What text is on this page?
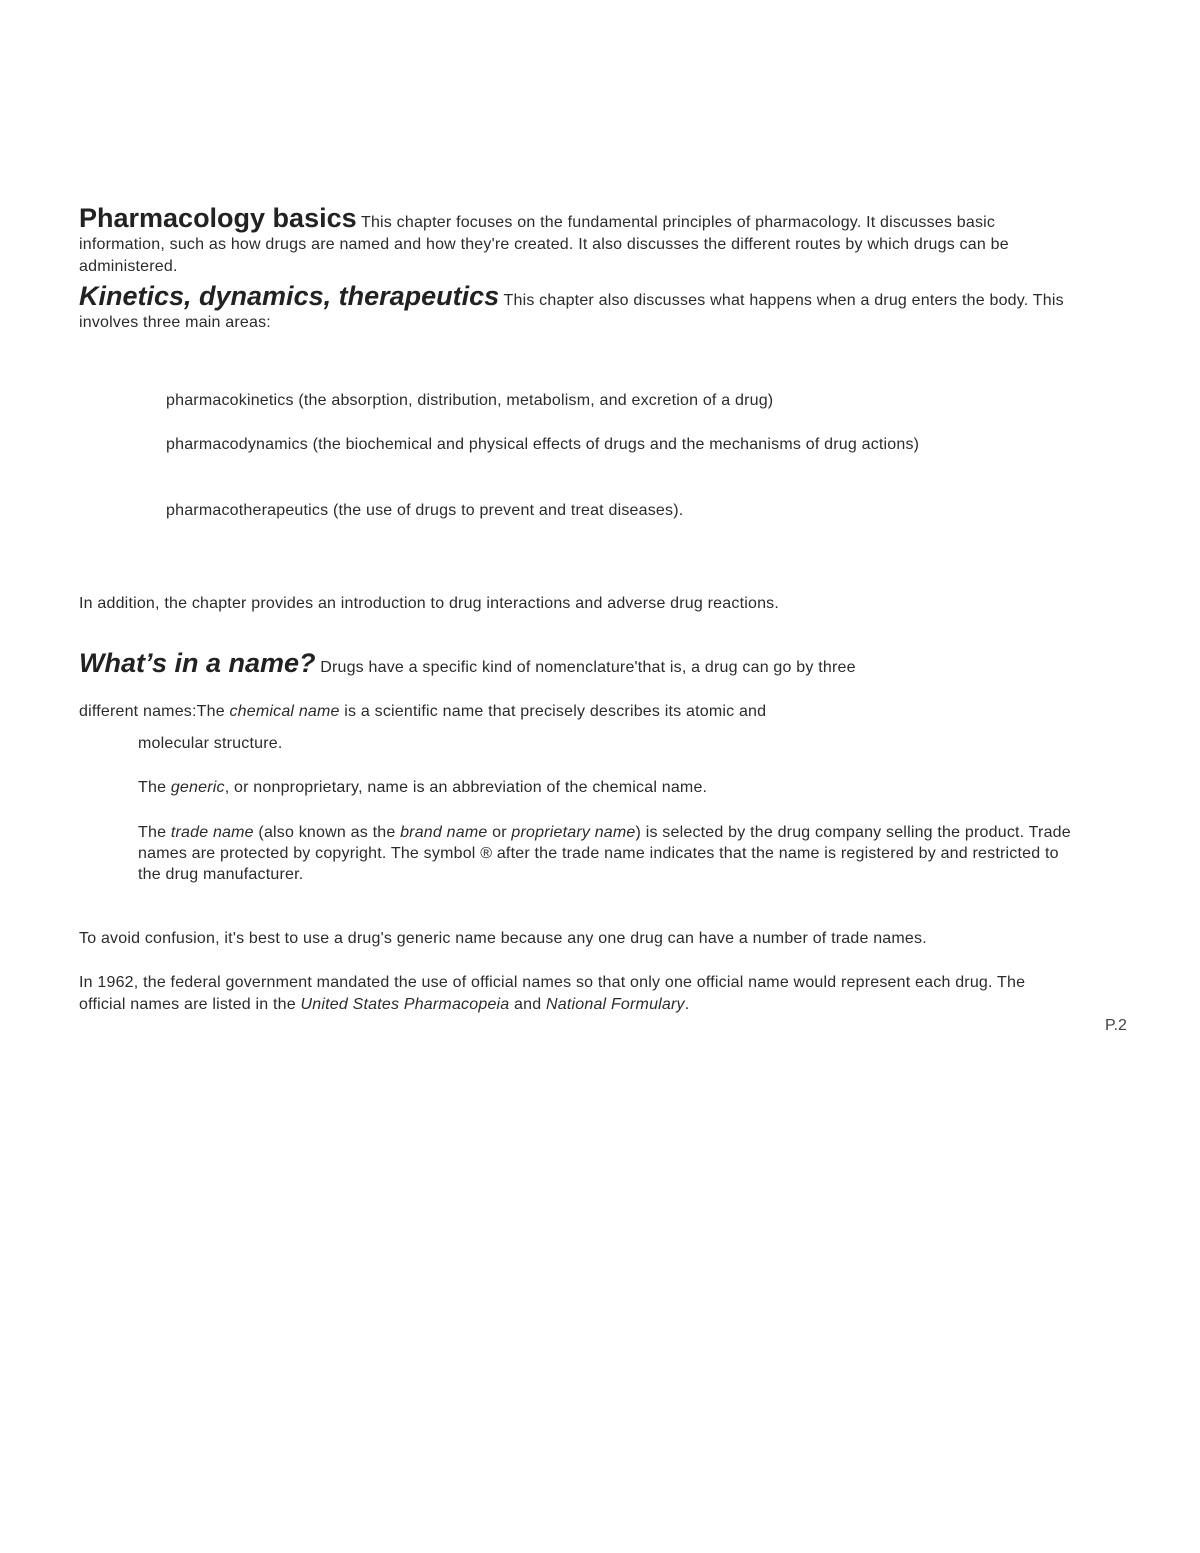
Pharmacology basics This chapter focuses on the fundamental principles of pharmacology. It discusses basic information, such as how drugs are named and how they're created. It also discusses the different routes by which drugs can be administered.
Kinetics, dynamics, therapeutics This chapter also discusses what happens when a drug enters the body. This involves three main areas:
pharmacokinetics (the absorption, distribution, metabolism, and excretion of a drug)
pharmacodynamics (the biochemical and physical effects of drugs and the mechanisms of drug actions)
pharmacotherapeutics (the use of drugs to prevent and treat diseases).
In addition, the chapter provides an introduction to drug interactions and adverse drug reactions.
What’s in a name? Drugs have a specific kind of nomenclature'that is, a drug can go by three
different names:The chemical name is a scientific name that precisely describes its atomic and
molecular structure.
The generic, or nonproprietary, name is an abbreviation of the chemical name.
The trade name (also known as the brand name or proprietary name) is selected by the drug company selling the product. Trade names are protected by copyright. The symbol ® after the trade name indicates that the name is registered by and restricted to the drug manufacturer.
To avoid confusion, it's best to use a drug's generic name because any one drug can have a number of trade names.
In 1962, the federal government mandated the use of official names so that only one official name would represent each drug. The official names are listed in the United States Pharmacopeia and National Formulary.
P.2
